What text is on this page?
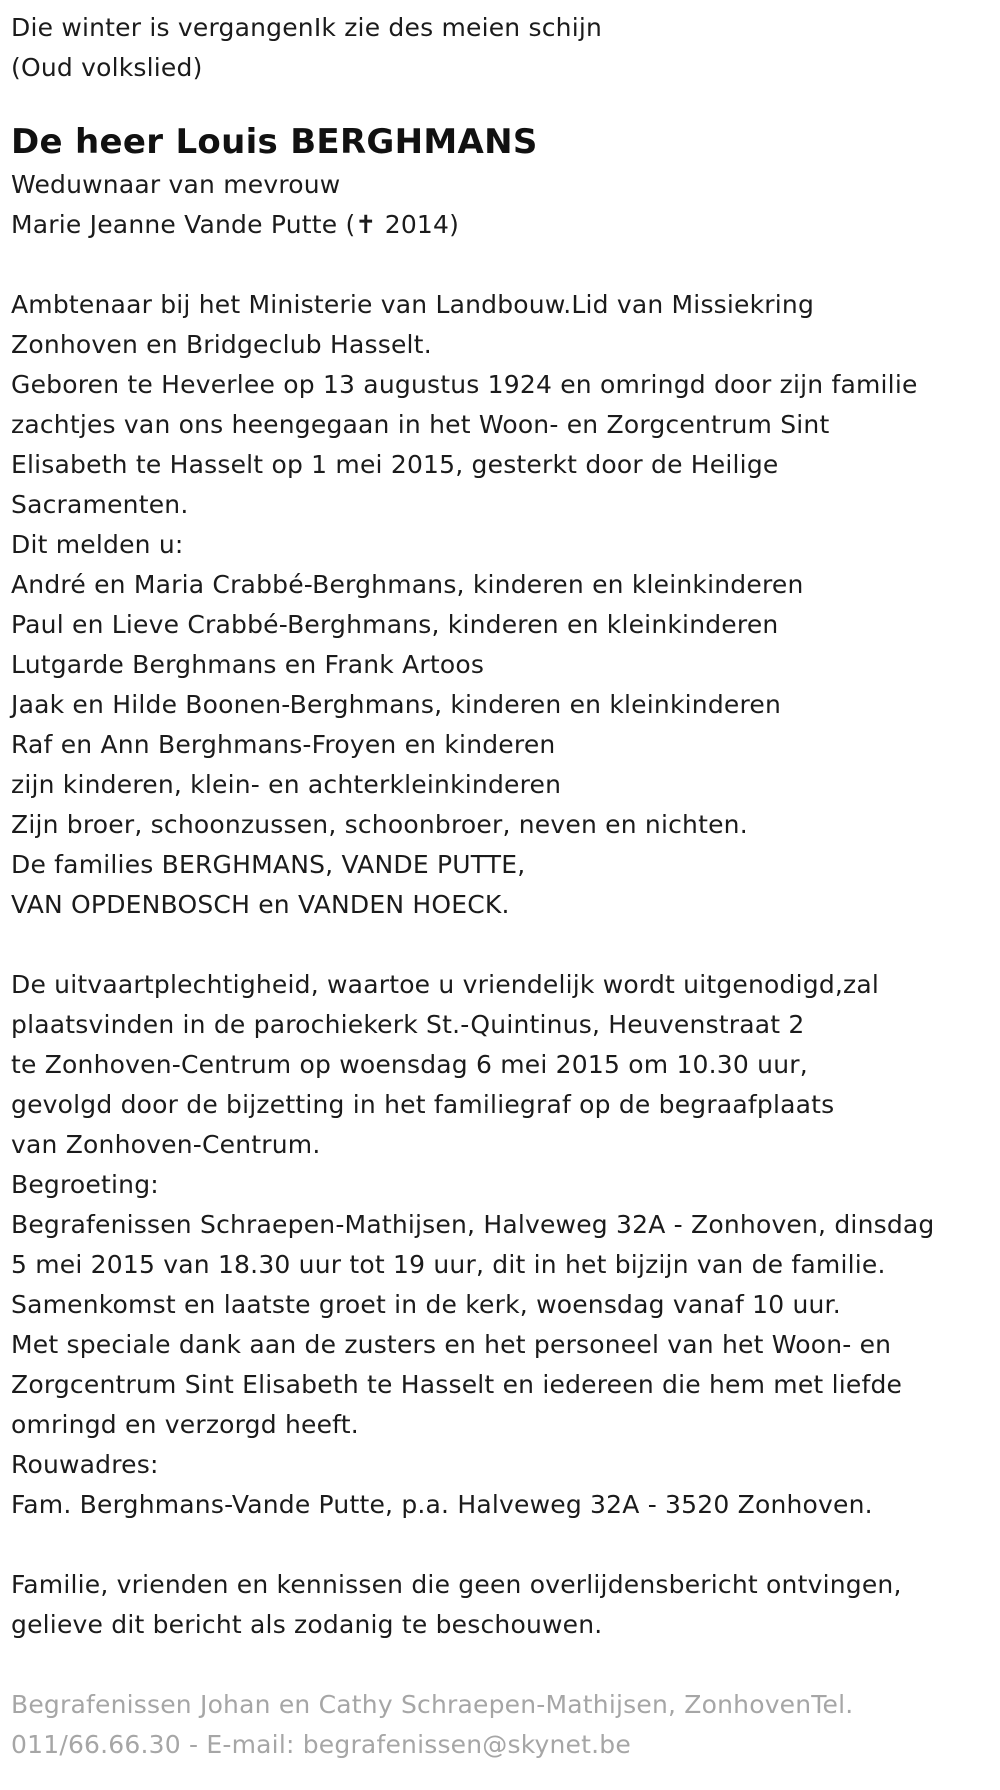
Die winter is vergangenIk zie des meien schijn
(Oud volkslied)
De heer Louis BERGHMANS
Weduwnaar van mevrouw
Marie Jeanne Vande Putte (✝ 2014)
Ambtenaar bij het Ministerie van Landbouw.Lid van Missiekring
Zonhoven en Bridgeclub Hasselt.
Geboren te Heverlee op 13 augustus 1924 en omringd door zijn familie
zachtjes van ons heengegaan in het Woon- en Zorgcentrum Sint
Elisabeth te Hasselt op 1 mei 2015, gesterkt door de Heilige
Sacramenten.
Dit melden u:
André en Maria Crabbé-Berghmans, kinderen en kleinkinderen
Paul en Lieve Crabbé-Berghmans, kinderen en kleinkinderen
Lutgarde Berghmans en Frank Artoos
Jaak en Hilde Boonen-Berghmans, kinderen en kleinkinderen
Raf en Ann Berghmans-Froyen en kinderen
zijn kinderen, klein- en achterkleinkinderen
Zijn broer, schoonzussen, schoonbroer, neven en nichten.
De families BERGHMANS, VANDE PUTTE,
VAN OPDENBOSCH en VANDEN HOECK.
De uitvaartplechtigheid, waartoe u vriendelijk wordt uitgenodigd,zal
plaatsvinden in de parochiekerk St.-Quintinus, Heuvenstraat 2
te Zonhoven-Centrum op woensdag 6 mei 2015 om 10.30 uur,
gevolgd door de bijzetting in het familiegraf op de begraafplaats
van Zonhoven-Centrum.
Begroeting:
Begrafenissen Schraepen-Mathijsen, Halveweg 32A - Zonhoven, dinsdag
5 mei 2015 van 18.30 uur tot 19 uur, dit in het bijzijn van de familie.
Samenkomst en laatste groet in de kerk, woensdag vanaf 10 uur.
Met speciale dank aan de zusters en het personeel van het Woon- en
Zorgcentrum Sint Elisabeth te Hasselt en iedereen die hem met liefde
omringd en verzorgd heeft.
Rouwadres:
Fam. Berghmans-Vande Putte, p.a. Halveweg 32A - 3520 Zonhoven.
Familie, vrienden en kennissen die geen overlijdensbericht ontvingen,
gelieve dit bericht als zodanig te beschouwen.
Begrafenissen Johan en Cathy Schraepen-Mathijsen, ZonhovenTel.
011/66.66.30 - E-mail: begrafenissen@skynet.be
